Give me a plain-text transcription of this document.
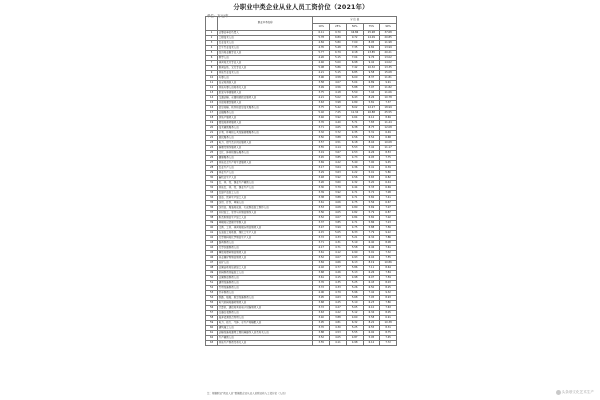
分职业中类企业从业人员工资价位（2021年）
单位：万元/年
	职业中类名称	分 位 值				
		10%	25%	50%	75%	90%
1	企事业单位负责人	6.11	9.70	16.86	25.98	37.68
2	工程技术人员	5.78	6.89	9.72	14.09	20.85
3	农业技术人员	4.84	5.80	7.00	8.95	11.98
4	卫生专业技术人员	4.35	5.48	7.35	9.82	13.99
5	经济和金融专业人员	5.77	6.79	9.18	13.85	20.21
6	教学人员	4.26	5.15	7.04	9.76	13.02
7	体育和艺术专业人员	4.46	5.00	6.98	9.42	14.02
8	新闻出版、文化专业人员	5.08	5.86	7.42	10.32	13.35
9	其他专业技术人员	4.21	5.15	6.85	9.58	15.08
10	办事人员	3.96	4.58	6.00	8.37	11.81
11	安全和消防人员	3.58	4.07	5.04	6.89	9.91
12	其他办事人员和有关人员	3.99	4.56	5.88	7.97	11.82
13	批发与零售服务人员	3.75	4.18	5.50	7.44	11.06
14	交通运输、仓储和邮政业服务人员	4.21	5.02	6.43	8.26	10.78
15	住宿和餐饮服务人员	3.63	3.98	4.89	5.81	7.37
16	信息传输、软件和信息技术服务人员	3.75	5.42	8.02	12.27	18.99
17	金融服务人员	5.02	7.25	11.34	16.88	25.55
18	房地产服务人员	3.46	3.92	4.64	6.12	8.69
19	租赁和商务服务人员	3.76	4.40	5.71	7.83	11.44
20	技术辅助服务人员	3.71	4.65	6.38	8.75	12.08
21	水利、环境和公共设施管理服务人员	3.32	3.72	4.35	5.31	6.49
22	居民服务人员	3.50	3.88	4.56	5.54	6.68
23	电力、燃气及水供应服务人员	3.57	4.51	6.18	8.04	10.08
24	修理及制作服务人员	3.55	4.14	5.53	7.42	11.17
25	文化、体育和娱乐服务人员	3.19	3.67	4.53	6.26	8.53
26	健康服务人员	3.45	3.85	4.73	6.05	7.75
27	其他社会生产和生活服务人员	3.69	4.22	5.40	7.00	9.45
28	农业生产人员	3.17	3.64	4.36	5.41	6.39
29	林业生产人员	3.29	3.63	4.22	5.01	5.80
30	畜牧业生产人员	3.48	3.92	4.56	5.65	6.82
31	农、林、牧、渔业生产辅助人员	3.26	3.60	4.32	5.20	6.44
32	其他农、林、牧、渔业生产人员	3.30	3.79	4.44	5.33	6.69
33	农副产品加工人员	3.39	3.92	4.71	5.72	7.08
34	食品、饮料生产加工人员	3.38	3.88	4.71	5.82	7.41
35	纺织、针织、印染人员	3.61	4.06	4.75	5.56	6.67
36	纺织品、服装和皮革、毛皮制品加工制作人员	3.53	4.08	4.80	5.69	7.07
37	木材加工、家具与木制品制作人员	3.56	4.05	4.82	5.79	6.87
38	纸及纸制品生产加工人员	3.52	4.07	4.84	5.82	7.02
39	印刷和记录媒介复制人员	3.37	3.85	4.71	5.86	7.23
40	文教、工美、体育和娱乐用品制造人员	3.47	3.99	4.75	5.88	7.56
41	石油加工和炼焦、煤化工生产人员	4.15	5.05	6.33	7.79	9.22
42	化学原料和化学制品生产人员	3.72	4.33	5.21	6.34	7.86
43	医药制造人员	3.71	4.31	5.19	6.40	8.08
44	化学纤维制造人员	4.17	4.71	5.58	6.46	7.61
45	橡胶和塑料制品制造人员	3.61	4.12	4.90	5.91	7.32
46	非金属矿物制品制造人员	3.52	4.07	4.93	6.04	7.55
47	采矿人员	3.84	4.66	6.13	8.19	10.86
48	金属冶炼和压延加工人员	4.02	4.77	5.86	7.11	8.64
49	机械制造基础加工人员	3.68	4.26	5.13	6.26	7.84
50	金属制品制造人员	3.61	4.15	4.98	6.07	7.59
51	通用设备制造人员	3.76	4.35	5.25	6.43	8.03
52	专用设备制造人员	3.72	4.33	5.26	6.50	8.25
53	汽车制造人员	4.06	4.79	5.96	7.42	9.32
54	铁路、船舶、航空设备制造人员	3.95	4.63	5.68	7.05	8.93
55	电气机械和器材制造人员	3.68	4.25	5.10	6.23	7.80
56	计算机、通信和其他电子设备制造人员	3.72	4.27	5.05	6.10	7.63
57	仪器仪表制造人员	3.63	4.22	5.12	6.34	8.05
58	废弃资源综合利用人员	3.40	3.88	4.60	5.58	6.91
59	电力、热力、气体、水生产和输配人员	3.95	4.81	6.32	8.22	10.38
60	建筑施工人员	3.70	4.30	5.25	6.55	8.31
61	运输设备和通用工程机械操作人员及有关人员	3.88	4.53	5.55	6.92	8.75
62	生产辅助人员	3.52	4.05	4.87	5.95	7.45
63	其他生产制造及有关人员	3.55	4.11	4.98	6.12	7.72
注：根据职业“就业人员”数据组企业从业人员职业收入工资价位（人员）	头条@文化艺术生产
